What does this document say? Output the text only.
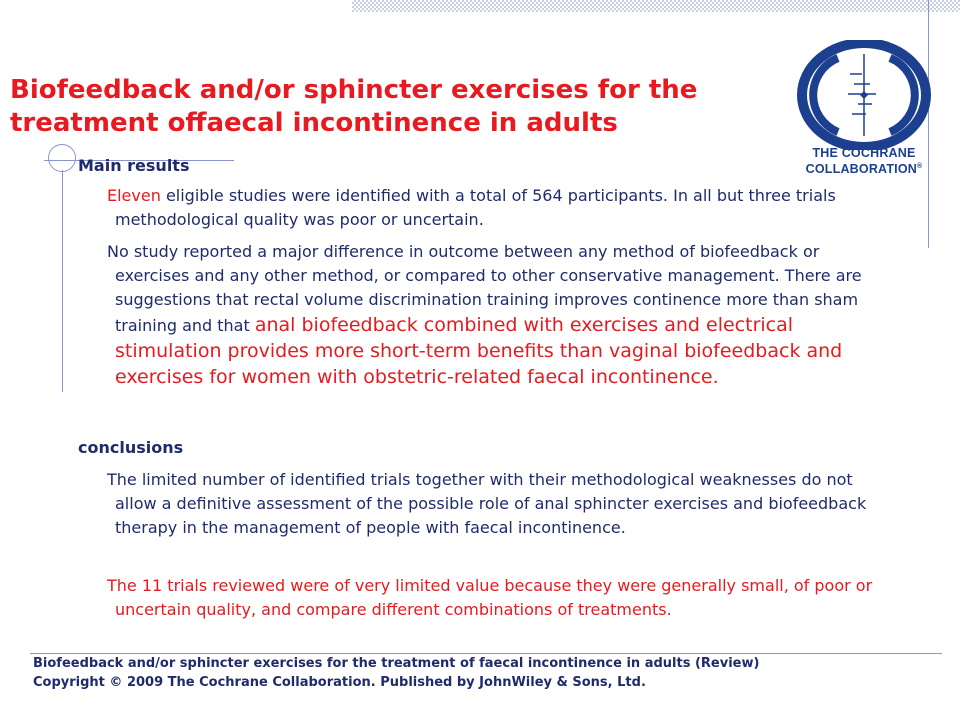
Biofeedback and/or sphincter exercises for the treatment offaecal incontinence in adults
THE COCHRANE
COLLABORATION®
Main results

Eleven eligible studies were identified with a total of 564 participants. In all but three trials methodological quality was poor or uncertain.

No study reported a major difference in outcome between any method of biofeedback or exercises and any other method, or compared to other conservative management. There are suggestions that rectal volume discrimination training improves continence more than sham training and that anal biofeedback combined with exercises and electrical stimulation provides more short-term benefits than vaginal biofeedback and exercises for women with obstetric-related faecal incontinence.

conclusions

The limited number of identified trials together with their methodological weaknesses do not allow a definitive assessment of the possible role of anal sphincter exercises and biofeedback therapy in the management of people with faecal incontinence.

The 11 trials reviewed were of very limited value because they were generally small, of poor or uncertain quality, and compare different combinations of treatments.

Biofeedback and/or sphincter exercises for the treatment of faecal incontinence in adults (Review)
Copyright © 2009 The Cochrane Collaboration. Published by JohnWiley & Sons, Ltd.
